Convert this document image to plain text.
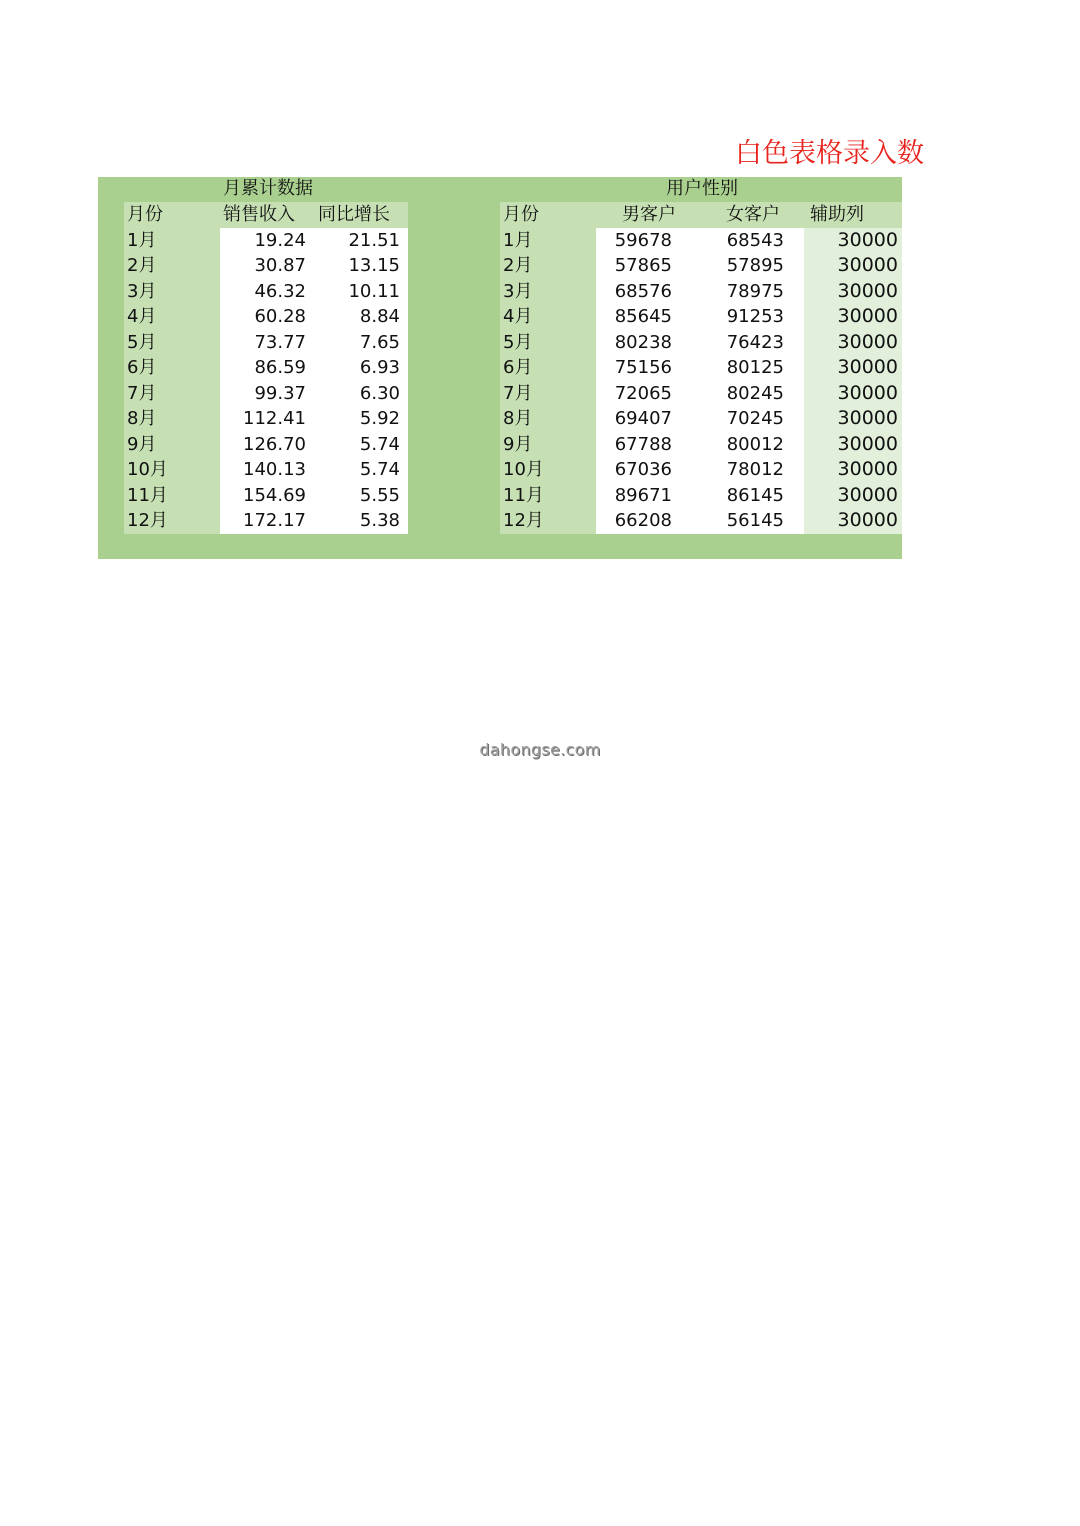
白色表格录入数
月累计数据
月份	销售收入	同比增长
1月	19.24	21.51
2月	30.87	13.15
3月	46.32	10.11
4月	60.28	8.84
5月	73.77	7.65
6月	86.59	6.93
7月	99.37	6.30
8月	112.41	5.92
9月	126.70	5.74
10月	140.13	5.74
11月	154.69	5.55
12月	172.17	5.38
用户性别
月份	男客户	女客户	辅助列
1月	59678	68543	30000
2月	57865	57895	30000
3月	68576	78975	30000
4月	85645	91253	30000
5月	80238	76423	30000
6月	75156	80125	30000
7月	72065	80245	30000
8月	69407	70245	30000
9月	67788	80012	30000
10月	67036	78012	30000
11月	89671	86145	30000
12月	66208	56145	30000
dahongse.com
